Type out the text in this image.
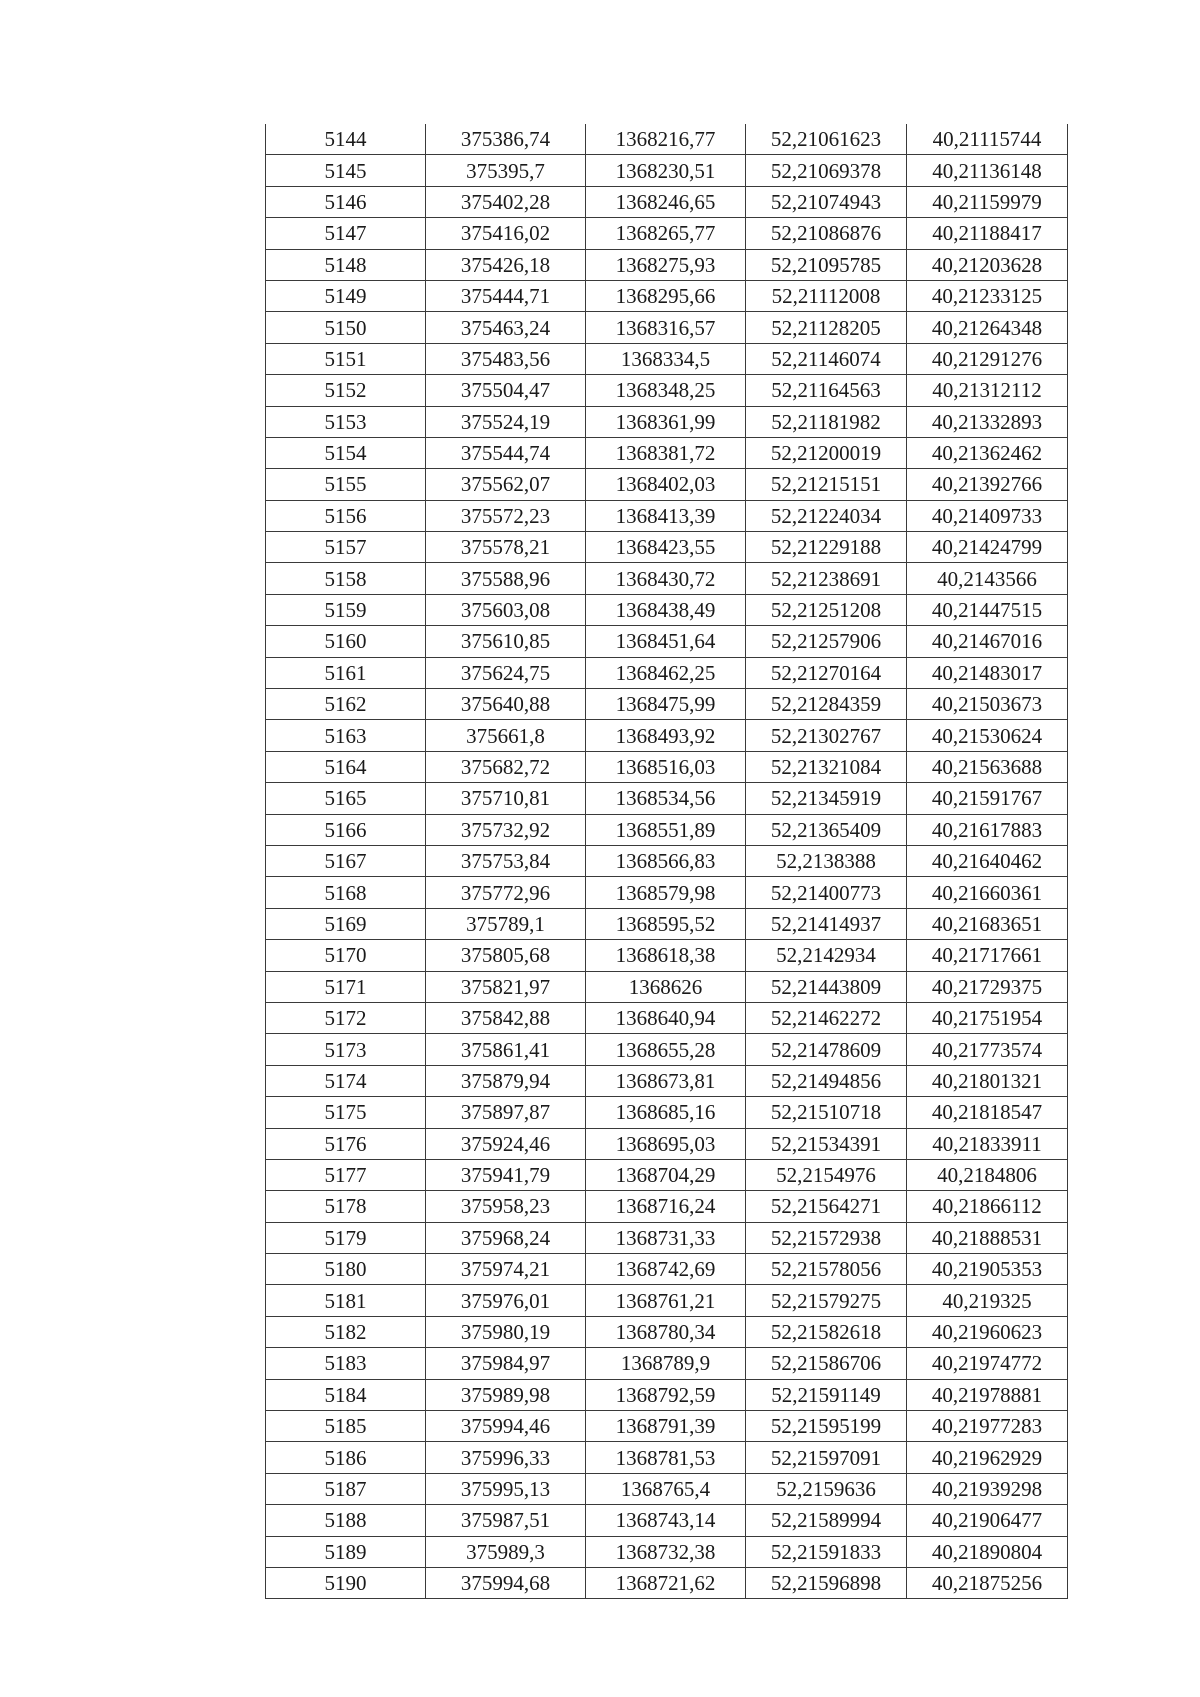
5144	375386,74	1368216,77	52,21061623	40,21115744
5145	375395,7	1368230,51	52,21069378	40,21136148
5146	375402,28	1368246,65	52,21074943	40,21159979
5147	375416,02	1368265,77	52,21086876	40,21188417
5148	375426,18	1368275,93	52,21095785	40,21203628
5149	375444,71	1368295,66	52,21112008	40,21233125
5150	375463,24	1368316,57	52,21128205	40,21264348
5151	375483,56	1368334,5	52,21146074	40,21291276
5152	375504,47	1368348,25	52,21164563	40,21312112
5153	375524,19	1368361,99	52,21181982	40,21332893
5154	375544,74	1368381,72	52,21200019	40,21362462
5155	375562,07	1368402,03	52,21215151	40,21392766
5156	375572,23	1368413,39	52,21224034	40,21409733
5157	375578,21	1368423,55	52,21229188	40,21424799
5158	375588,96	1368430,72	52,21238691	40,2143566
5159	375603,08	1368438,49	52,21251208	40,21447515
5160	375610,85	1368451,64	52,21257906	40,21467016
5161	375624,75	1368462,25	52,21270164	40,21483017
5162	375640,88	1368475,99	52,21284359	40,21503673
5163	375661,8	1368493,92	52,21302767	40,21530624
5164	375682,72	1368516,03	52,21321084	40,21563688
5165	375710,81	1368534,56	52,21345919	40,21591767
5166	375732,92	1368551,89	52,21365409	40,21617883
5167	375753,84	1368566,83	52,2138388	40,21640462
5168	375772,96	1368579,98	52,21400773	40,21660361
5169	375789,1	1368595,52	52,21414937	40,21683651
5170	375805,68	1368618,38	52,2142934	40,21717661
5171	375821,97	1368626	52,21443809	40,21729375
5172	375842,88	1368640,94	52,21462272	40,21751954
5173	375861,41	1368655,28	52,21478609	40,21773574
5174	375879,94	1368673,81	52,21494856	40,21801321
5175	375897,87	1368685,16	52,21510718	40,21818547
5176	375924,46	1368695,03	52,21534391	40,21833911
5177	375941,79	1368704,29	52,2154976	40,2184806
5178	375958,23	1368716,24	52,21564271	40,21866112
5179	375968,24	1368731,33	52,21572938	40,21888531
5180	375974,21	1368742,69	52,21578056	40,21905353
5181	375976,01	1368761,21	52,21579275	40,219325
5182	375980,19	1368780,34	52,21582618	40,21960623
5183	375984,97	1368789,9	52,21586706	40,21974772
5184	375989,98	1368792,59	52,21591149	40,21978881
5185	375994,46	1368791,39	52,21595199	40,21977283
5186	375996,33	1368781,53	52,21597091	40,21962929
5187	375995,13	1368765,4	52,2159636	40,21939298
5188	375987,51	1368743,14	52,21589994	40,21906477
5189	375989,3	1368732,38	52,21591833	40,21890804
5190	375994,68	1368721,62	52,21596898	40,21875256
